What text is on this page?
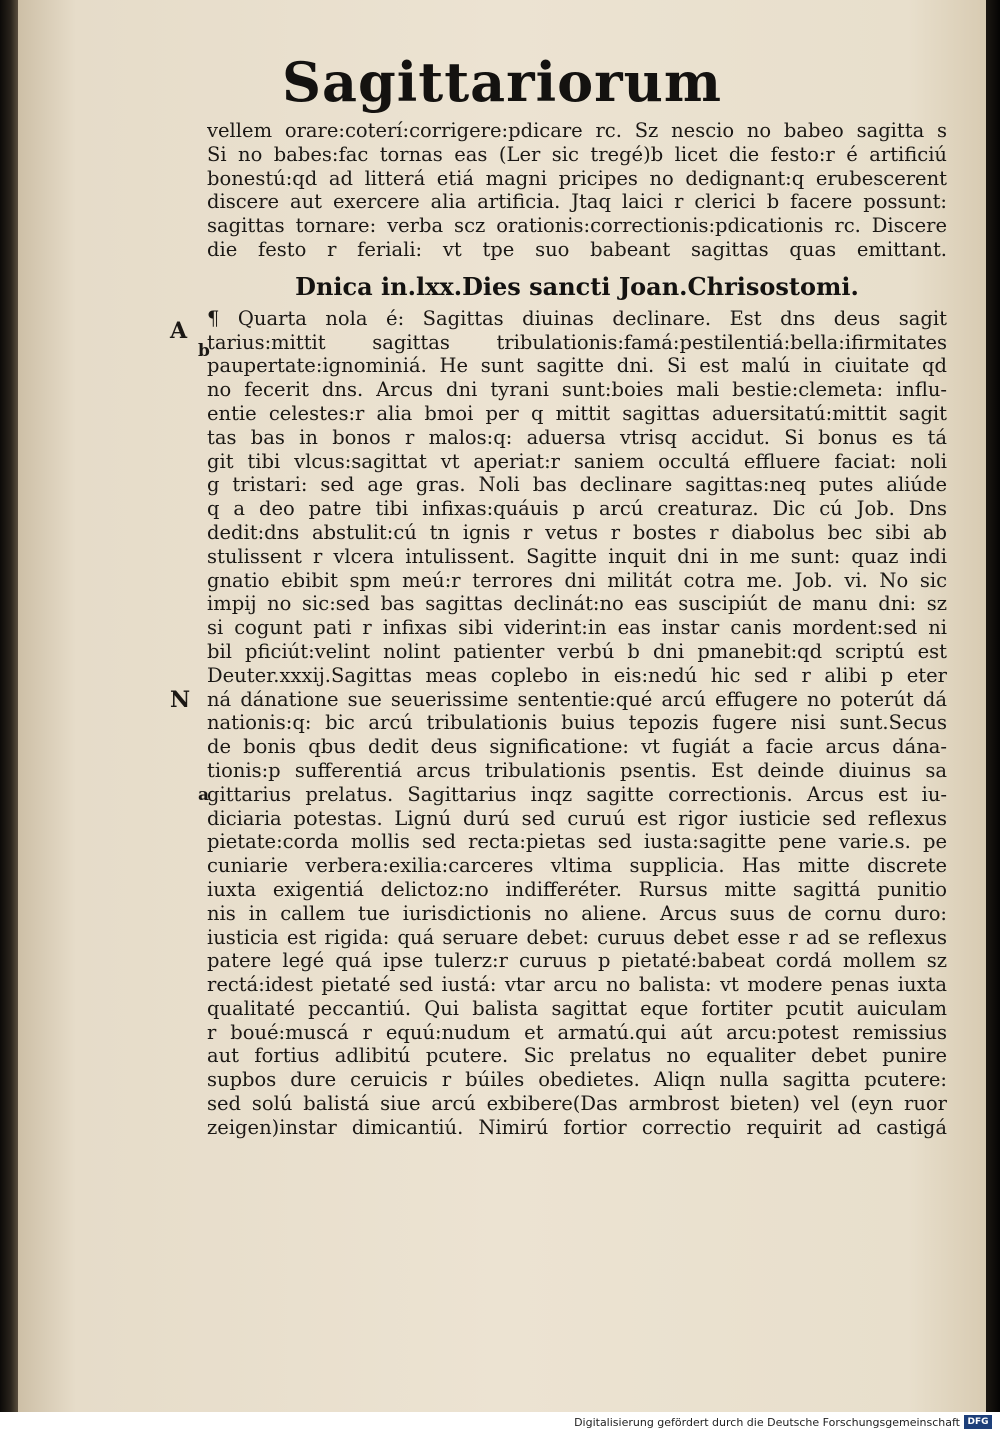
Sagittariorum
A
b
N
a
vellem orare:coterí:corrigere:pdicare rc. Sz nescio no babeo sagitta s
Si no babes:fac tornas eas (Ler sic tregé)b licet die festo:r é artificiú
bonestú:qd ad litterá etiá magni pricipes no dedignant:q erubescerent
discere aut exercere alia artificia. Jtaq laici r clerici b facere possunt:
sagittas tornare: verba scz orationis:correctionis:pdicationis rc. Discere
die festo r feriali: vt tpe suo babeant sagittas quas emittant.
Dnica in.lxx.Dies sancti Joan.Chrisostomi.
¶ Quarta nola é: Sagittas diuinas declinare. Est dns deus sagit
tarius:mittit sagittas tribulationis:famá:pestilentiá:bella:ifirmitates
paupertate:ignominiá. He sunt sagitte dni. Si est malú in ciuitate qd
no fecerit dns. Arcus dni tyrani sunt:boies mali bestie:clemeta: influ-
entie celestes:r alia bmoi per q mittit sagittas aduersitatú:mittit sagit
tas bas in bonos r malos:q: aduersa vtrisq accidut. Si bonus es tá
git tibi vlcus:sagittat vt aperiat:r saniem occultá effluere faciat: noli
g tristari: sed age gras. Noli bas declinare sagittas:neq putes aliúde
q a deo patre tibi infixas:quáuis p arcú creaturaz. Dic cú Job. Dns
dedit:dns abstulit:cú tn ignis r vetus r bostes r diabolus bec sibi ab
stulissent r vlcera intulissent. Sagitte inquit dni in me sunt: quaz indi
gnatio ebibit spm meú:r terrores dni militát cotra me. Job. vi. No sic
impij no sic:sed bas sagittas declinát:no eas suscipiút de manu dni: sz
si cogunt pati r infixas sibi viderint:in eas instar canis mordent:sed ni
bil pficiút:velint nolint patienter verbú b dni pmanebit:qd scriptú est
Deuter.xxxij.Sagittas meas coplebo in eis:nedú hic sed r alibi p eter
ná dánatione sue seuerissime sententie:qué arcú effugere no poterút dá
nationis:q: bic arcú tribulationis buius tepozis fugere nisi sunt.Secus
de bonis qbus dedit deus significatione: vt fugiát a facie arcus dána-
tionis:p sufferentiá arcus tribulationis psentis. Est deinde diuinus sa
gittarius prelatus. Sagittarius inqz sagitte correctionis. Arcus est iu-
diciaria potestas. Lignú durú sed curuú est rigor iusticie sed reflexus
pietate:corda mollis sed recta:pietas sed iusta:sagitte pene varie.s. pe
cuniarie verbera:exilia:carceres vltima supplicia. Has mitte discrete
iuxta exigentiá delictoz:no indifferéter. Rursus mitte sagittá punitio
nis in callem tue iurisdictionis no aliene. Arcus suus de cornu duro:
iusticia est rigida: quá seruare debet: curuus debet esse r ad se reflexus
patere legé quá ipse tulerz:r curuus p pietaté:babeat cordá mollem sz
rectá:idest pietaté sed iustá: vtar arcu no balista: vt modere penas iuxta
qualitaté peccantiú. Qui balista sagittat eque fortiter pcutit auiculam
r boué:muscá r equú:nudum et armatú.qui aút arcu:potest remissius
aut fortius adlibitú pcutere. Sic prelatus no equaliter debet punire
supbos dure ceruicis r búiles obedietes. Aliqn nulla sagitta pcutere:
sed solú balistá siue arcú exbibere(Das armbrost bieten) vel (eyn ruor
zeigen)instar dimicantiú. Nimirú fortior correctio requirit ad castigá
Digitalisierung gefördert durch die Deutsche Forschungsgemeinschaft DFG
